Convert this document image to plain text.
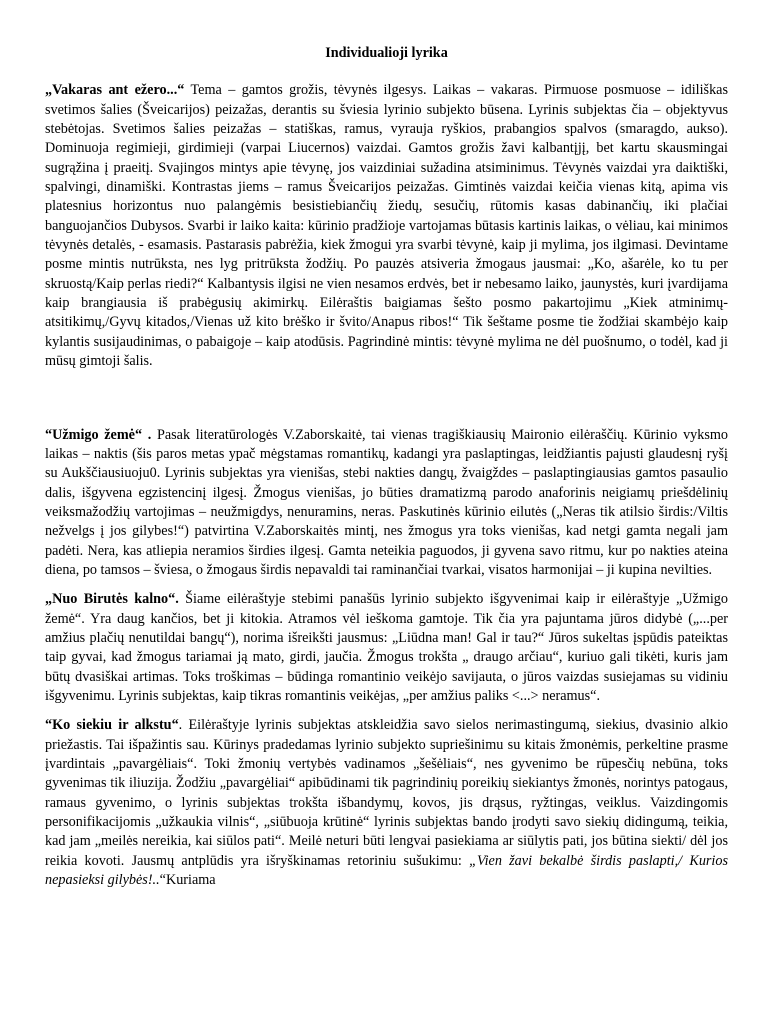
Individualioji lyrika

„Vakaras ant ežero...“ Tema – gamtos grožis, tėvynės ilgesys. Laikas – vakaras. Pirmuose posmuose – idiliškas svetimos šalies (Šveicarijos) peizažas, derantis su šviesia lyrinio subjekto būsena. Lyrinis subjektas čia – objektyvus stebėtojas. Svetimos šalies peizažas – statiškas, ramus, vyrauja ryškios, prabangios spalvos (smaragdo, aukso). Dominuoja regimieji, girdimieji (varpai Liucernos) vaizdai. Gamtos grožis žavi kalbantįjį, bet kartu skausmingai sugrąžina į praeitį. Svajingos mintys apie tėvynę, jos vaizdiniai sužadina atsiminimus. Tėvynės vaizdai yra daiktiški, spalvingi, dinamiški. Kontrastas jiems – ramus Šveicarijos peizažas. Gimtinės vaizdai keičia vienas kitą, apima vis platesnius horizontus nuo palangėmis besistiebiančių žiedų, sesučių, rūtomis kasas dabinančių, iki plačiai banguojančios Dubysos. Svarbi ir laiko kaita: kūrinio pradžioje vartojamas būtasis kartinis laikas, o vėliau, kai minimos tėvynės detalės, - esamasis. Pastarasis pabrėžia, kiek žmogui yra svarbi tėvynė, kaip ji mylima, jos ilgimasi. Devintame posme mintis nutrūksta, nes lyg pritrūksta žodžių. Po pauzės atsiveria žmogaus jausmai: „Ko, ašarėle, ko tu per skruostą/Kaip perlas riedi?“ Kalbantysis ilgisi ne vien nesamos erdvės, bet ir nebesamo laiko, jaunystės, kuri įvardijama kaip brangiausia iš prabėgusių akimirkų. Eilėraštis baigiamas šešto posmo pakartojimu „Kiek atminimų-atsitikimų,/Gyvų kitados,/Vienas už kito brėško ir švito/Anapus ribos!“ Tik šeštame posme tie žodžiai skambėjo kaip kylantis susijaudinimas, o pabaigoje – kaip atodūsis. Pagrindinė mintis: tėvynė mylima ne dėl puošnumo, o todėl, kad ji mūsų gimtoji šalis.

“Užmigo žemė“ . Pasak literatūrologės V.Zaborskaitė, tai vienas tragiškiausių Maironio eilėraščių. Kūrinio vyksmo laikas – naktis (šis paros metas ypač mėgstamas romantikų, kadangi yra paslaptingas, leidžiantis pajusti glaudesnį ryšį su Aukščiausiuoju0. Lyrinis subjektas yra vienišas, stebi nakties dangų, žvaigždes – paslaptingiausias gamtos pasaulio dalis, išgyvena egzistencinį ilgesį. Žmogus vienišas, jo būties dramatizmą parodo anaforinis neigiamų priešdėlinių veiksmažodžių vartojimas – neužmigdys, nenuramins, neras. Paskutinės kūrinio eilutės („Neras tik atilsio širdis:/Viltis nežvelgs į jos gilybes!“) patvirtina V.Zaborskaitės mintį, nes žmogus yra toks vienišas, kad netgi gamta negali jam padėti. Nera, kas atliepia neramios širdies ilgesį. Gamta neteikia paguodos, ji gyvena savo ritmu, kur po nakties ateina diena, po tamsos – šviesa, o žmogaus širdis nepavaldi tai raminančiai tvarkai, visatos harmonijai – ji kupina nevilties.

„Nuo Birutės kalno“. Šiame eilėraštyje stebimi panašūs lyrinio subjekto išgyvenimai kaip ir eilėraštyje „Užmigo žemė“. Yra daug kančios, bet ji kitokia. Atramos vėl ieškoma gamtoje. Tik čia yra pajuntama jūros didybė („...per amžius plačių nenutildai bangų“), norima išreikšti jausmus: „Liūdna man! Gal ir tau?“ Jūros sukeltas įspūdis pateiktas taip gyvai, kad žmogus tariamai ją mato, girdi, jaučia. Žmogus trokšta „ draugo arčiau“, kuriuo gali tikėti, kuris jam būtų dvasiškai artimas. Toks troškimas – būdinga romantinio veikėjo savijauta, o jūros vaizdas susiejamas su vidiniu išgyvenimu. Lyrinis subjektas, kaip tikras romantinis veikėjas, „per amžius paliks <...> neramus“.

“Ko siekiu ir alkstu“. Eilėraštyje lyrinis subjektas atskleidžia savo sielos nerimastingumą, siekius, dvasinio alkio priežastis. Tai išpažintis sau. Kūrinys pradedamas lyrinio subjekto supriešinimu su kitais žmonėmis, perkeltine prasme įvardintais „pavargėliais“. Toki žmonių vertybės vadinamos „šešėliais“, nes gyvenimo be rūpesčių nebūna, toks gyvenimas tik iliuzija. Žodžiu „pavargėliai“ apibūdinami tik pagrindinių poreikių siekiantys žmonės, norintys patogaus, ramaus gyvenimo, o lyrinis subjektas trokšta išbandymų, kovos, jis drąsus, ryžtingas, veiklus. Vaizdingomis personifikacijomis „užkaukia vilnis“, „siūbuoja krūtinė“ lyrinis subjektas bando įrodyti savo siekių didingumą, teikia, kad jam „meilės nereikia, kai siūlos pati“. Meilė neturi būti lengvai pasiekiama ar siūlytis pati, jos būtina siekti/ dėl jos reikia kovoti. Jausmų antplūdis yra išryškinamas retoriniu sušukimu: „Vien žavi bekalbė širdis paslapti,/ Kurios nepasieksi gilybės!..“Kuriama
